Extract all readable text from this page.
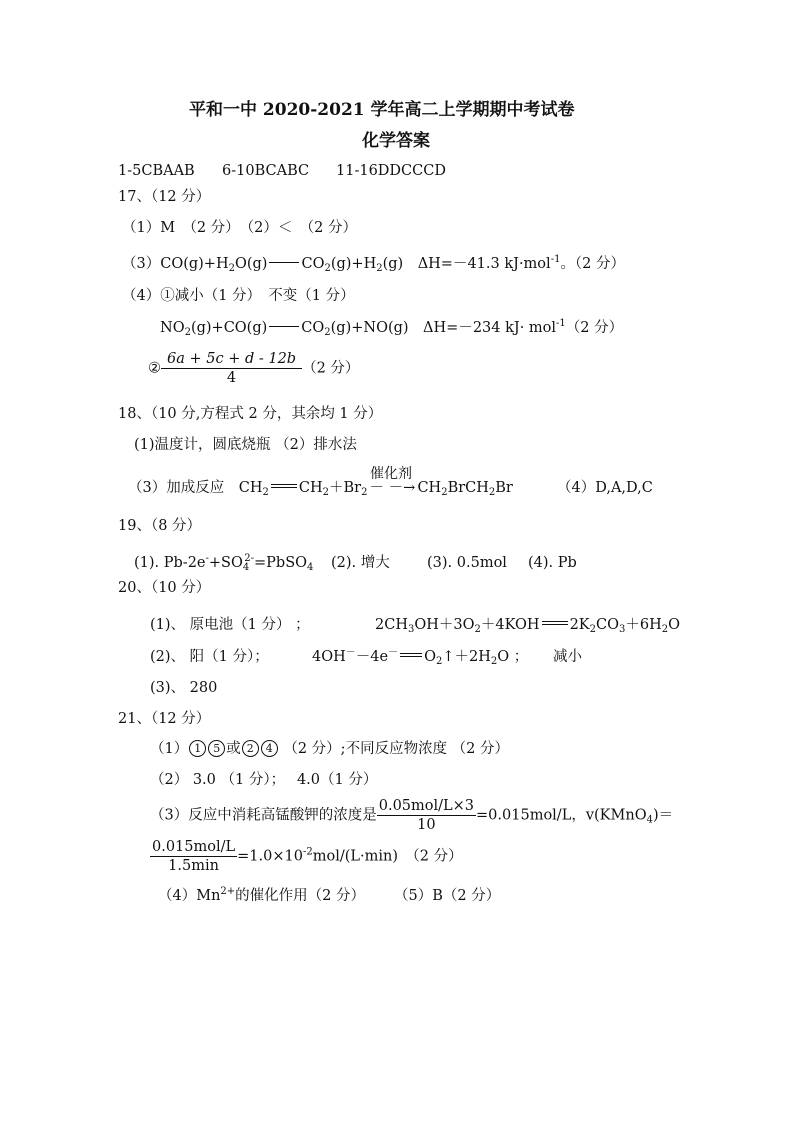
平和一中 2020-2021 学年高二上学期期中考试卷
化学答案
1-5CBAAB 6-10BCABC 11-16DDCCCD
17、（12 分）
（1）M　（2 分）　（2）＜　（2 分）
$(3)CO(g)+H_2O(g)$ $CO_2(g)+H_2(g)$　ΔH=－41.3 kJ·mol$^{-1}$。（2 分）
（4）①减小（1 分）　不变（1 分）
$NO_2(g)+CO(g)$ $CO_2(g)+NO(g)$　ΔH=－234 kJ· mol$^{-1}$（2 分）
② $\frac{6a + 5c + d - 12b}{4} (2$ 分）
18、（10 分,方程式 2 分，其余均 1 分）
(1)温度计，圆底烧瓶 （2）排水法
催化剂
（3）加成反应　$CH_2$ $CH_2+Br_2$ － －→ $CH_2BrCH_2Br$	（4）D,A,D,C
19、（8 分）
(1). $Pb-2e^-+SO_4^{2-}=PbSO_4$ (2). 增大	(3). 0.5mol (4). Pb
20、（10 分）
(1)、 原电池（1 分） ；	$2CH_3OH+3O_2+4KOH$ $2K_2CO_3+6H_2O$
(2)、 阳（1 分）；	4OH－－4e－ $O_2↑+2H_2O$ ； 减小
(3)、 280
21、（12 分）
（1） 1 5 或 2 4 （2 分）;不同反应物浓度 （2 分）
（2） 3.0 （1 分）；　 4.0（1 分）
（3）反应中消耗高锰酸钾的浓度是 $\frac{\text{0.05mol/L×3}}{10} =0.015mol/L$，v(KMnO$_4$)＝
$\frac{\text{0.015mol/L}}{1.5\min} =1.0\times 10^{-2}mol/(L\cdot\min)$　（2 分）
$(4)Mn^{2+}$的催化作用（2 分）　　　（5）B（2 分）
